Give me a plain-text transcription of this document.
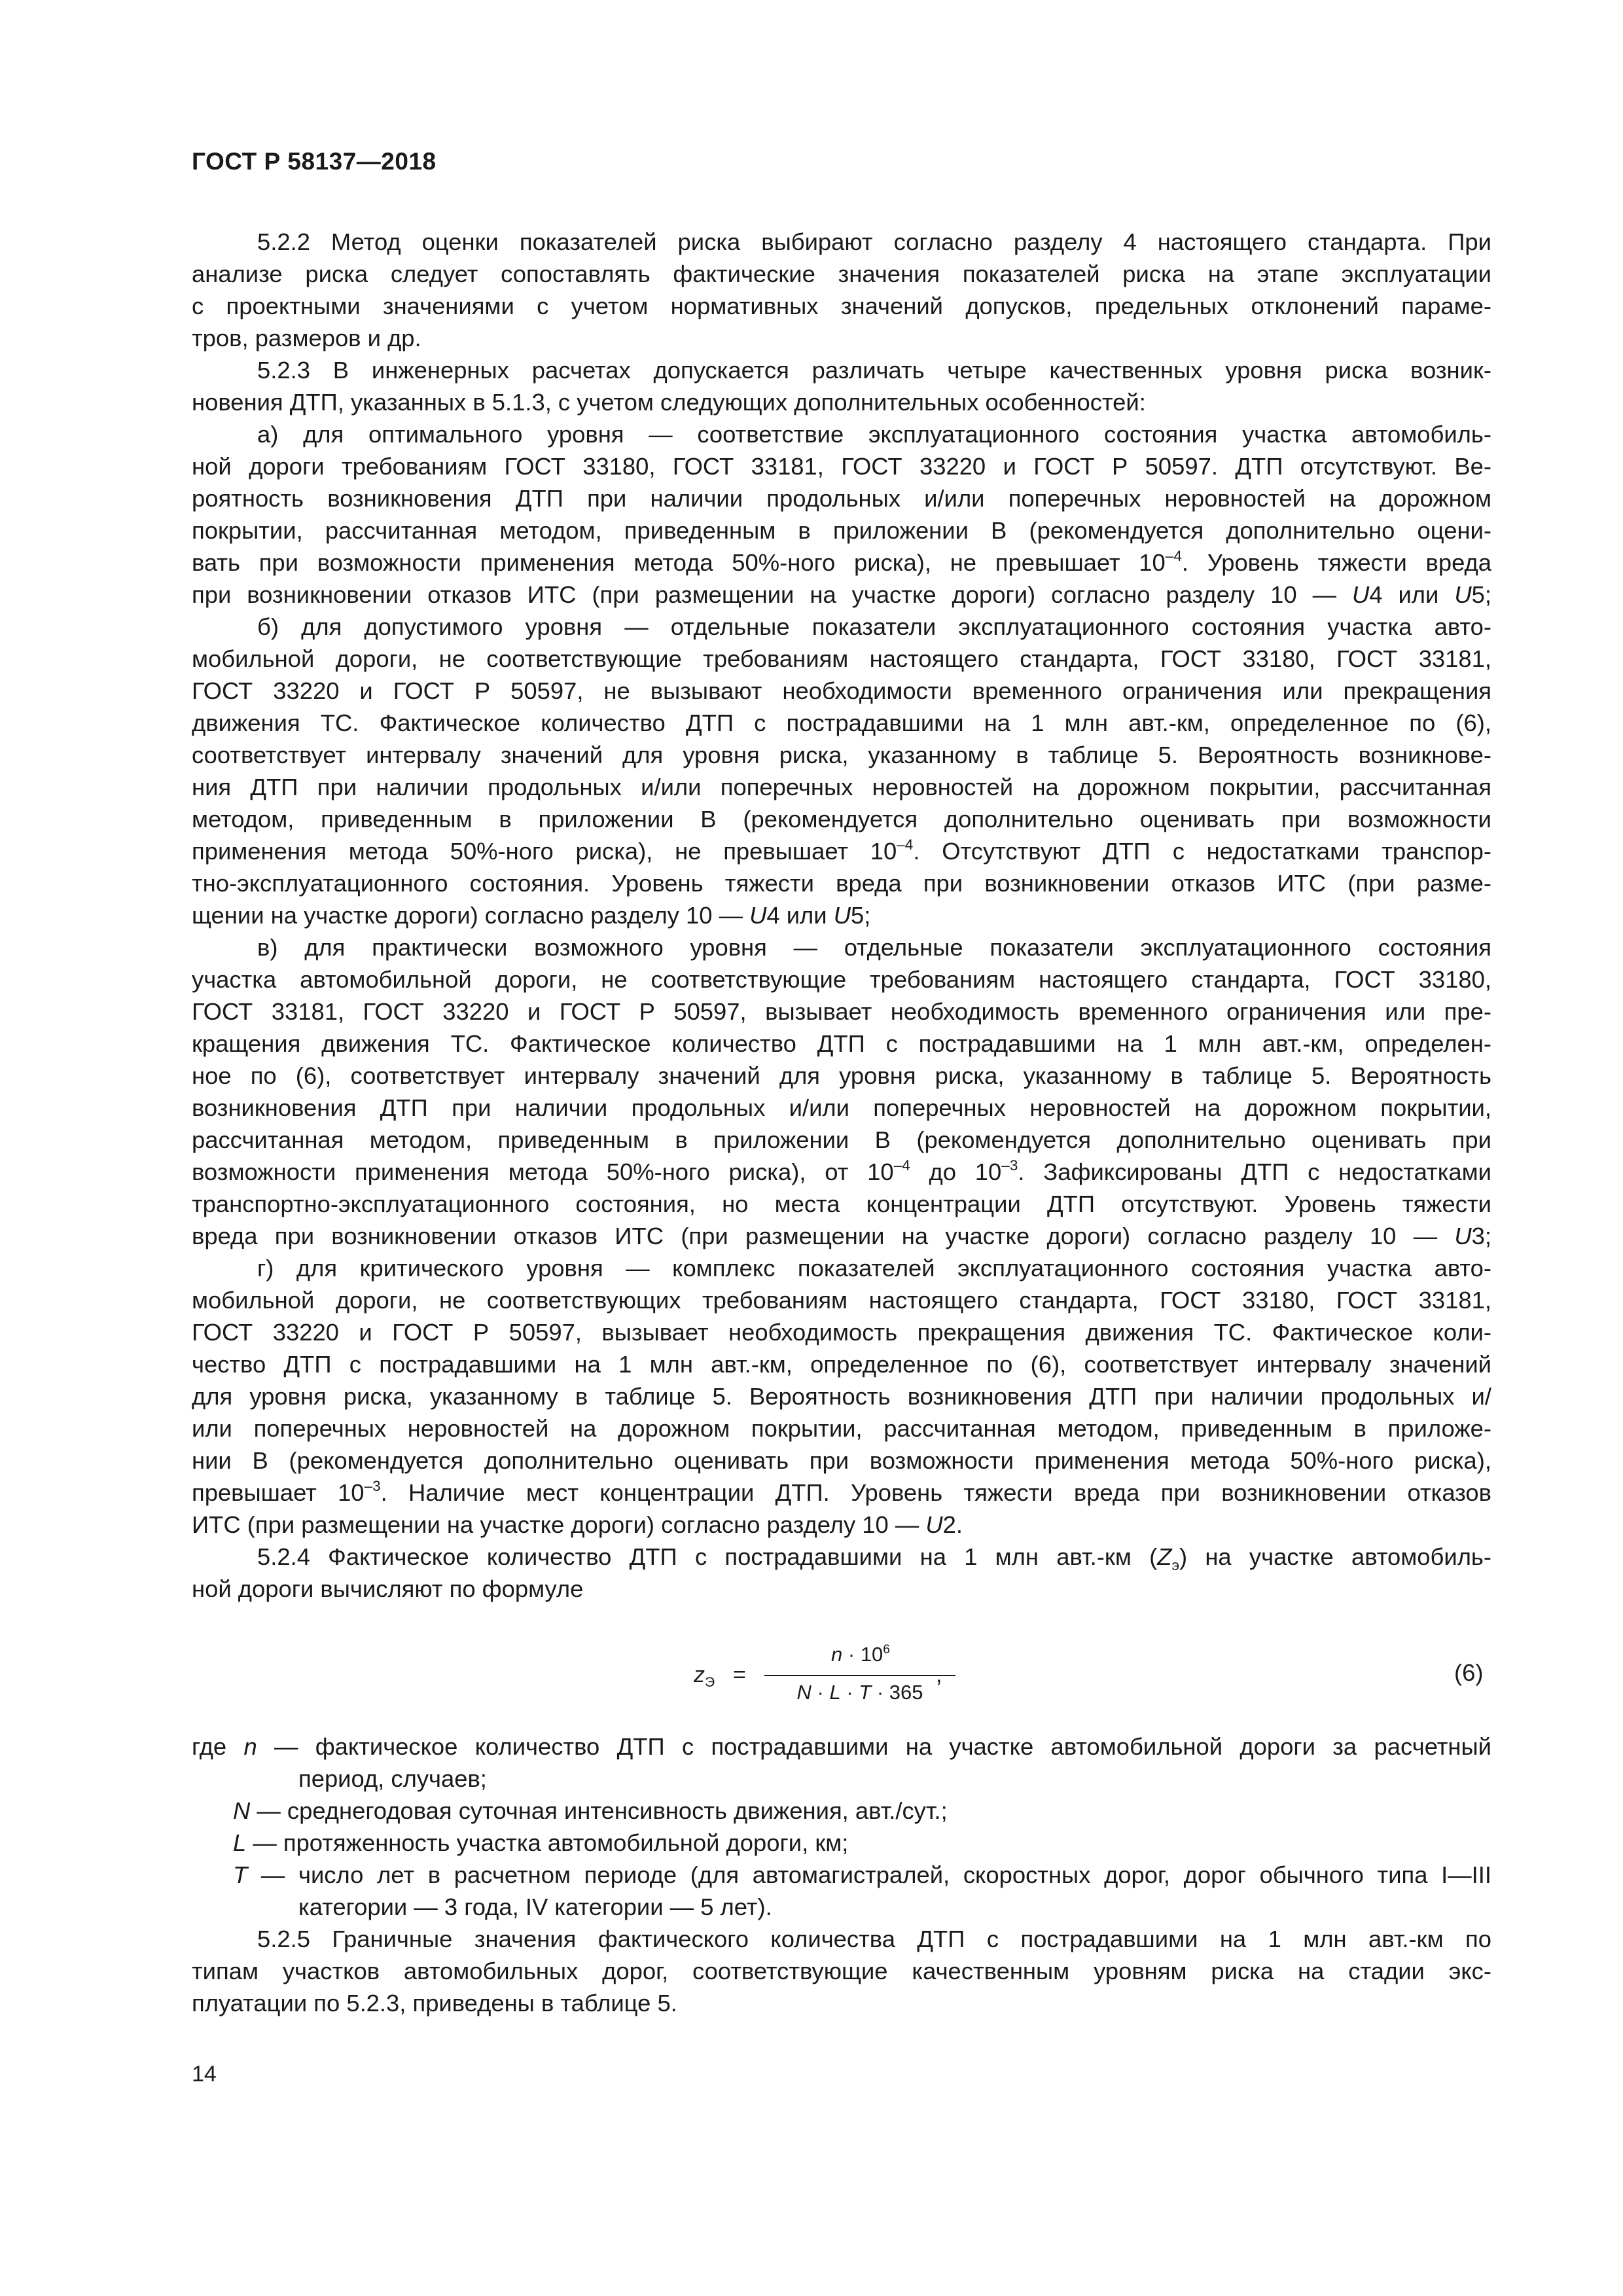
ГОСТ Р 58137—2018
5.2.2 Метод оценки показателей риска выбирают согласно разделу 4 настоящего стандарта. При
анализе риска следует сопоставлять фактические значения показателей риска на этапе эксплуатации
с проектными значениями с учетом нормативных значений допусков, предельных отклонений параме-
тров, размеров и др.
5.2.3 В инженерных расчетах допускается различать четыре качественных уровня риска возник-
новения ДТП, указанных в 5.1.3, с учетом следующих дополнительных особенностей:
а) для оптимального уровня — соответствие эксплуатационного состояния участка автомобиль-
ной дороги требованиям ГОСТ 33180, ГОСТ 33181, ГОСТ 33220 и ГОСТ Р 50597. ДТП отсутствуют. Ве-
роятность возникновения ДТП при наличии продольных и/или поперечных неровностей на дорожном
покрытии, рассчитанная методом, приведенным в приложении В (рекомендуется дополнительно оцени-
вать при возможности применения метода 50%-ного риска), не превышает $10^{-4}$. Уровень тяжести вреда
при возникновении отказов ИТС (при размещении на участке дороги) согласно разделу 10 — U4 или U5;
б) для допустимого уровня — отдельные показатели эксплуатационного состояния участка авто-
мобильной дороги, не соответствующие требованиям настоящего стандарта, ГОСТ 33180, ГОСТ 33181,
ГОСТ 33220 и ГОСТ Р 50597, не вызывают необходимости временного ограничения или прекращения
движения ТС. Фактическое количество ДТП с пострадавшими на 1 млн авт.-км, определенное по (6),
соответствует интервалу значений для уровня риска, указанному в таблице 5. Вероятность возникнове-
ния ДТП при наличии продольных и/или поперечных неровностей на дорожном покрытии, рассчитанная
методом, приведенным в приложении В (рекомендуется дополнительно оценивать при возможности
применения метода 50%-ного риска), не превышает $10^{-4}$. Отсутствуют ДТП с недостатками транспор-
тно-эксплуатационного состояния. Уровень тяжести вреда при возникновении отказов ИТС (при разме-
щении на участке дороги) согласно разделу 10 — U4 или U5;
в) для практически возможного уровня — отдельные показатели эксплуатационного состояния
участка автомобильной дороги, не соответствующие требованиям настоящего стандарта, ГОСТ 33180,
ГОСТ 33181, ГОСТ 33220 и ГОСТ Р 50597, вызывает необходимость временного ограничения или пре-
кращения движения ТС. Фактическое количество ДТП с пострадавшими на 1 млн авт.-км, определен-
ное по (6), соответствует интервалу значений для уровня риска, указанному в таблице 5. Вероятность
возникновения ДТП при наличии продольных и/или поперечных неровностей на дорожном покрытии,
рассчитанная методом, приведенным в приложении В (рекомендуется дополнительно оценивать при
возможности применения метода 50%-ного риска), от $10^{-4}$ до $10^{-3}$. Зафиксированы ДТП с недостатками
транспортно-эксплуатационного состояния, но места концентрации ДТП отсутствуют. Уровень тяжести
вреда при возникновении отказов ИТС (при размещении на участке дороги) согласно разделу 10 — U3;
г) для критического уровня — комплекс показателей эксплуатационного состояния участка авто-
мобильной дороги, не соответствующих требованиям настоящего стандарта, ГОСТ 33180, ГОСТ 33181,
ГОСТ 33220 и ГОСТ Р 50597, вызывает необходимость прекращения движения ТС. Фактическое коли-
чество ДТП с пострадавшими на 1 млн авт.-км, определенное по (6), соответствует интервалу значений
для уровня риска, указанному в таблице 5. Вероятность возникновения ДТП при наличии продольных и/
или поперечных неровностей на дорожном покрытии, рассчитанная методом, приведенным в приложе-
нии В (рекомендуется дополнительно оценивать при возможности применения метода 50%-ного риска),
превышает $10^{-3}$. Наличие мест концентрации ДТП. Уровень тяжести вреда при возникновении отказов
ИТС (при размещении на участке дороги) согласно разделу 10 — U2.
5.2.4 Фактическое количество ДТП с пострадавшими на 1 млн авт.-км $(Z_э)$ на участке автомобиль-
ной дороги вычисляют по формуле
$z_Э$ =
$n \cdot 10^6$
N · L · T · 365
,	(6)
где n — фактическое количество ДТП с пострадавшими на участке автомобильной дороги за расчетный
период, случаев;
N — среднегодовая суточная интенсивность движения, авт./сут.;
L — протяженность участка автомобильной дороги, км;
T — число лет в расчетном периоде (для автомагистралей, скоростных дорог, дорог обычного типа I—III
категории — 3 года, IV категории — 5 лет).
5.2.5 Граничные значения фактического количества ДТП с пострадавшими на 1 млн авт.-км по
типам участков автомобильных дорог, соответствующие качественным уровням риска на стадии экс-
плуатации по 5.2.3, приведены в таблице 5.
14
